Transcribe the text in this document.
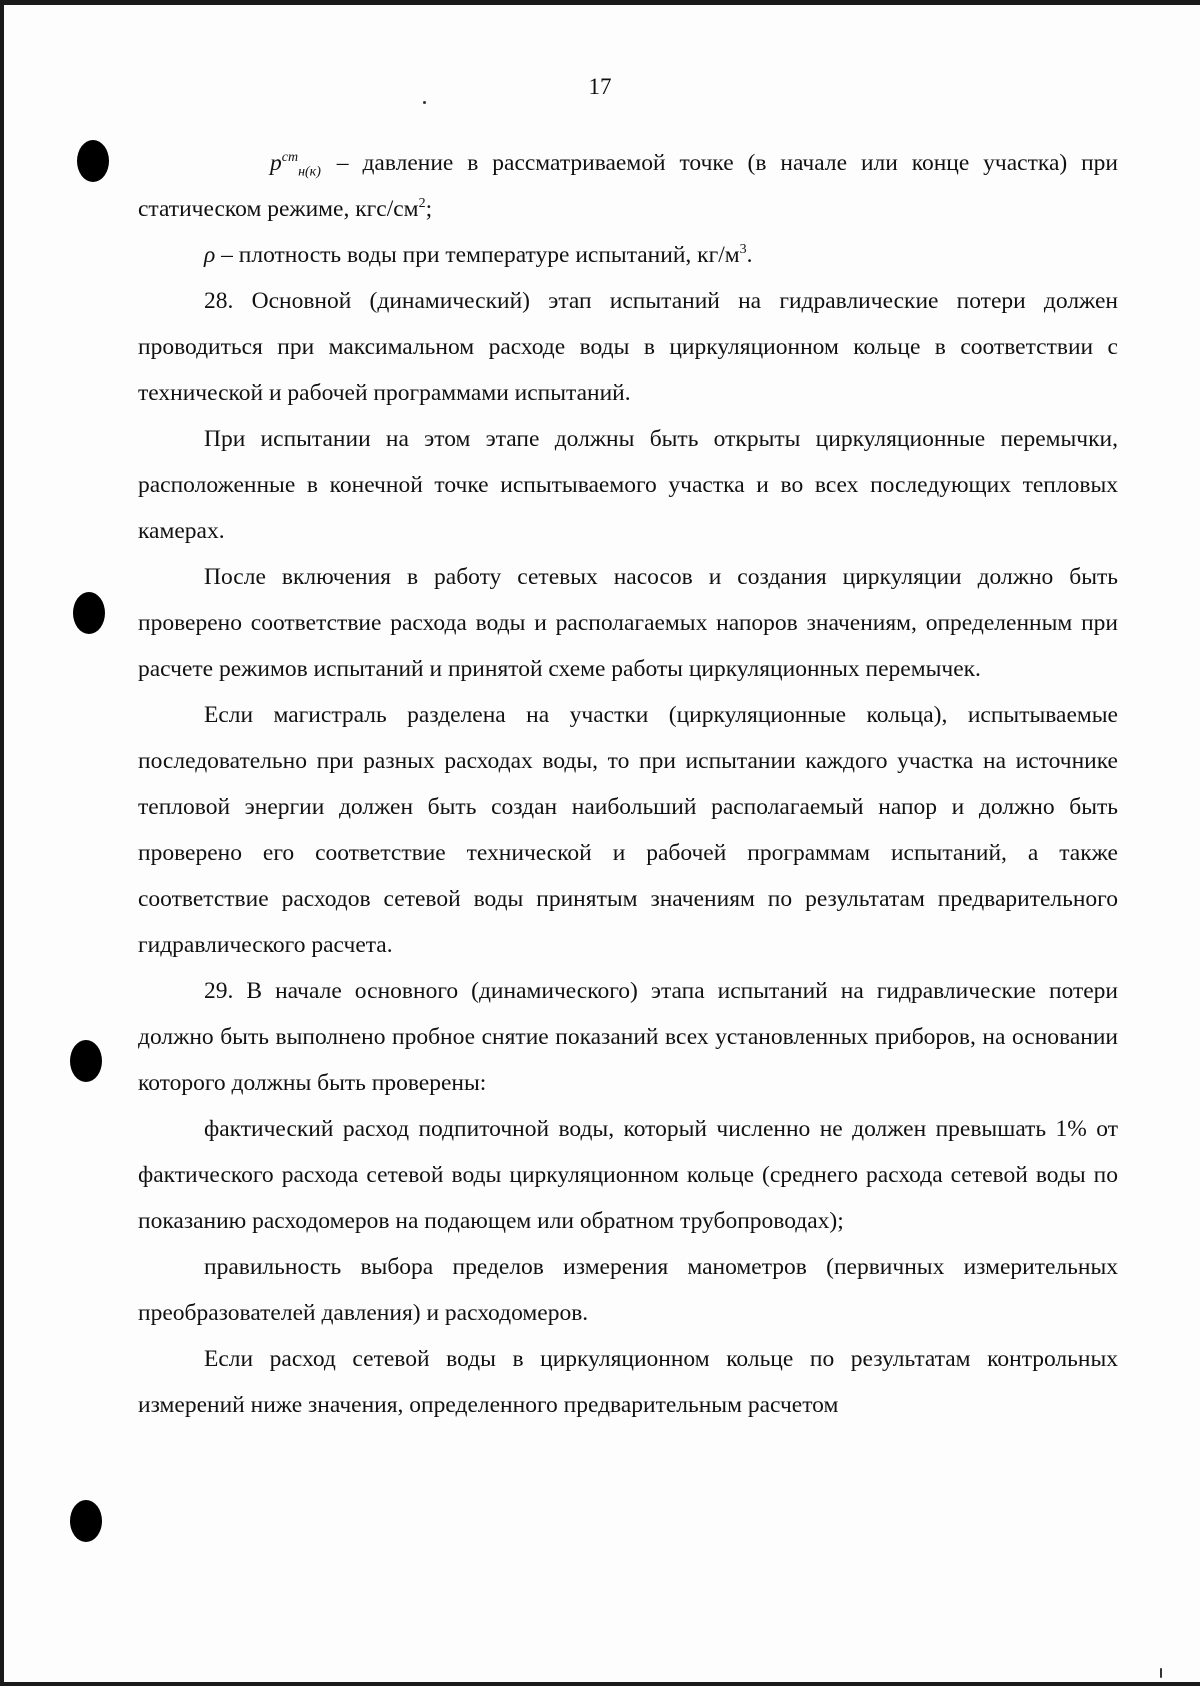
17

$p^{ст}_{н(к)}$ – давление в рассматриваемой точке (в начале или конце участка) при статическом режиме, кгс/$см^2$;

ρ – плотность воды при температуре испытаний, $кг/м^3$.

28. Основной (динамический) этап испытаний на гидравлические потери должен проводиться при максимальном расходе воды в циркуляционном кольце в соответствии с технической и рабочей программами испытаний.

При испытании на этом этапе должны быть открыты циркуляционные перемычки, расположенные в конечной точке испытываемого участка и во всех последующих тепловых камерах.

После включения в работу сетевых насосов и создания циркуляции должно быть проверено соответствие расхода воды и располагаемых напоров значениям, определенным при расчете режимов испытаний и принятой схеме работы циркуляционных перемычек.

Если магистраль разделена на участки (циркуляционные кольца), испытываемые последовательно при разных расходах воды, то при испытании каждого участка на источнике тепловой энергии должен быть создан наибольший располагаемый напор и должно быть проверено его соответствие технической и рабочей программам испытаний, а также соответствие расходов сетевой воды принятым значениям по результатам предварительного гидравлического расчета.

29. В начале основного (динамического) этапа испытаний на гидравлические потери должно быть выполнено пробное снятие показаний всех установленных приборов, на основании которого должны быть проверены:

фактический расход подпиточной воды, который численно не должен превышать 1% от фактического расхода сетевой воды циркуляционном кольце (среднего расхода сетевой воды по показанию расходомеров на подающем или обратном трубопроводах);

правильность выбора пределов измерения манометров (первичных измерительных преобразователей давления) и расходомеров.

Если расход сетевой воды в циркуляционном кольце по результатам контрольных измерений ниже значения, определенного предварительным расчетом
